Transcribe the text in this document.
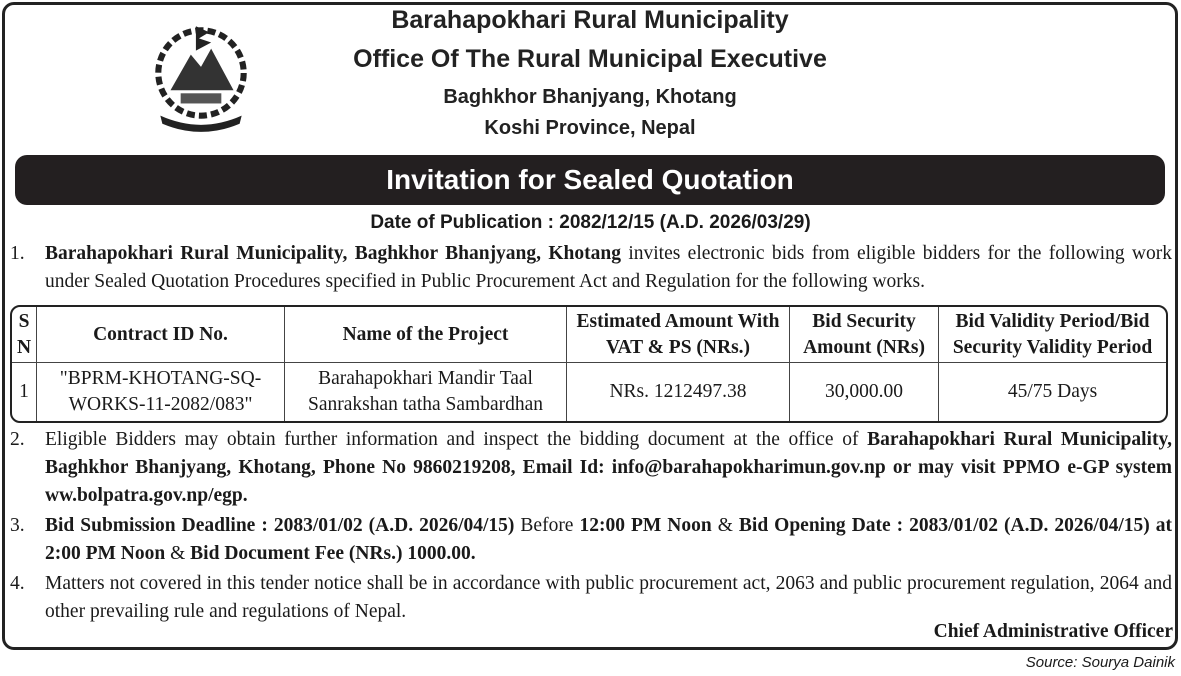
Barahapokhari Rural Municipality
Office Of The Rural Municipal Executive
Baghkhor Bhanjyang, Khotang
Koshi Province, Nepal
Invitation for Sealed Quotation
Date of Publication : 2082/12/15 (A.D. 2026/03/29)
1. Barahapokhari Rural Municipality, Baghkhor Bhanjyang, Khotang invites electronic bids from eligible bidders for the following work under Sealed Quotation Procedures specified in Public Procurement Act and Regulation for the following works.
S N	Contract ID No.	Name of the Project	Estimated Amount With VAT & PS (NRs.)	Bid Security Amount (NRs)	Bid Validity Period/Bid Security Validity Period
1	"BPRM-KHOTANG-SQ-WORKS-11-2082/083"	Barahapokhari Mandir Taal Sanrakshan tatha Sambardhan	NRs. 1212497.38	30,000.00	45/75 Days
2. Eligible Bidders may obtain further information and inspect the bidding document at the office of Barahapokhari Rural Municipality, Baghkhor Bhanjyang, Khotang, Phone No 9860219208, Email Id: info@barahapokharimun.gov.np or may visit PPMO e-GP system ww.bolpatra.gov.np/egp.
3. Bid Submission Deadline : 2083/01/02 (A.D. 2026/04/15) Before 12:00 PM Noon & Bid Opening Date : 2083/01/02 (A.D. 2026/04/15) at 2:00 PM Noon & Bid Document Fee (NRs.) 1000.00.
4. Matters not covered in this tender notice shall be in accordance with public procurement act, 2063 and public procurement regulation, 2064 and other prevailing rule and regulations of Nepal.
Chief Administrative Officer
Source: Sourya Dainik
